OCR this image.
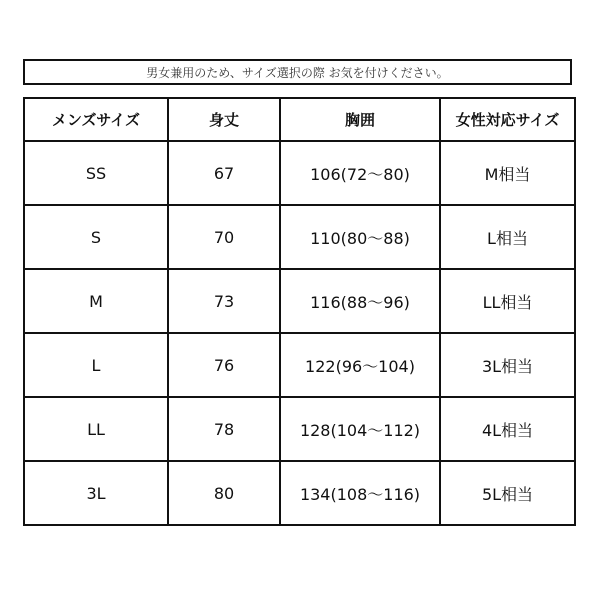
男女兼用のため、サイズ選択の際 お気を付けください。
メンズサイズ	身丈	胸囲	女性対応サイズ
SS	67	106(72～80)	M相当
S	70	110(80～88)	L相当
M	73	116(88～96)	LL相当
L	76	122(96～104)	3L相当
LL	78	128(104～112)	4L相当
3L	80	134(108～116)	5L相当
